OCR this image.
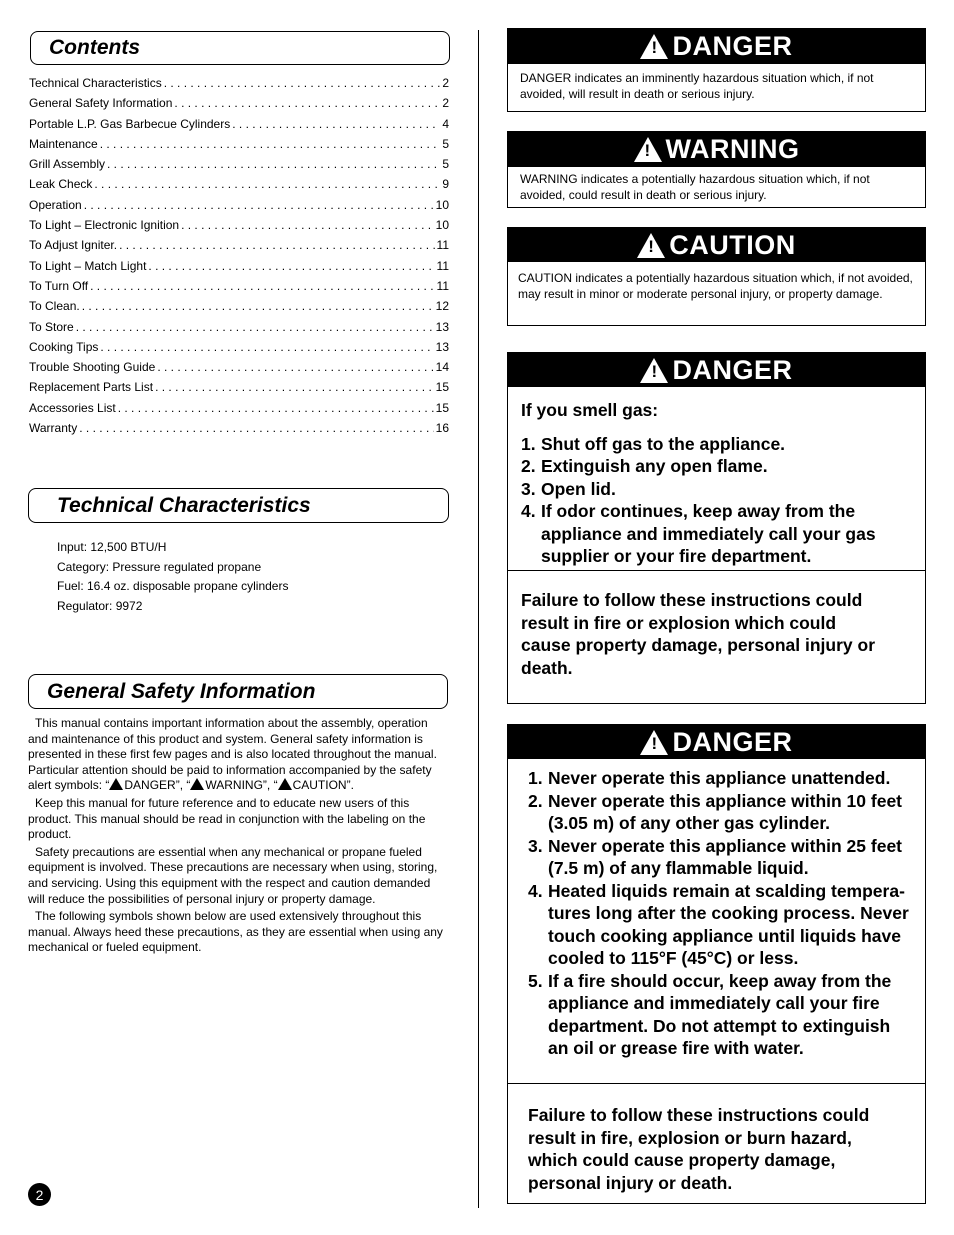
Contents
Technical Characteristics . . .	2
General Safety Information . . .	2
Portable L.P. Gas Barbecue Cylinders . . .	4
Maintenance . . .	5
Grill Assembly . . .	5
Leak Check . . .	9
Operation . . .	10
To Light – Electronic Ignition . . .	10
To Adjust Igniter. . . .	11
To Light – Match Light . . .	11
To Turn Off . . .	11
To Clean. . . .	12
To Store . . .	13
Cooking Tips . . .	13
Trouble Shooting Guide . . .	14
Replacement Parts List . . .	15
Accessories List . . .	15
Warranty . . .	16
Technical Characteristics
Input: 12,500 BTU/H
Category: Pressure regulated propane
Fuel: 16.4 oz. disposable propane cylinders
Regulator: 9972
General Safety Information

This manual contains important information about the assembly, operation and maintenance of this product and system. General safety information is presented in these first few pages and is also located throughout the manual. Particular attention should be paid to information accompanied by the safety alert symbols: “ ! DANGER”, “ ! WARNING”, “ ! CAUTION”.

Keep this manual for future reference and to educate new users of this product. This manual should be read in conjunction with the labeling on the product.

Safety precautions are essential when any mechanical or propane fueled equipment is involved. These precautions are necessary when using, storing, and servicing. Using this equipment with the respect and caution demanded will reduce the possibilities of personal injury or property damage.

The following symbols shown below are used extensively throughout this manual. Always heed these precautions, as they are essential when using any mechanical or fueled equipment.

2
!
DANGER
DANGER indicates an imminently hazardous situation which, if not avoided, will result in death or serious injury.
!
WARNING
WARNING indicates a potentially hazardous situation which, if not avoided, could result in death or serious injury.
!
CAUTION
CAUTION indicates a potentially hazardous situation which, if not avoided, may result in minor or moderate personal injury, or property damage.
!
DANGER
If you smell gas:
1. Shut off gas to the appliance.
2. Extinguish any open flame.
3. Open lid.
4. If odor continues, keep away from the appliance and immediately call your gas supplier or your fire department.
Failure to follow these instructions could result in fire or explosion which could cause property damage, personal injury or death.
!
DANGER
1. Never operate this appliance unattended.
2. Never operate this appliance within 10 feet (3.05 m) of any other gas cylinder.
3. Never operate this appliance within 25 feet (7.5 m) of any flammable liquid.
4. Heated liquids remain at scalding tempera-tures long after the cooking process. Never touch cooking appliance until liquids have cooled to 115°F (45°C) or less.
5. If a fire should occur, keep away from the appliance and immediately call your fire department. Do not attempt to extinguish an oil or grease fire with water.
Failure to follow these instructions could result in fire, explosion or burn hazard, which could cause property damage, personal injury or death.
